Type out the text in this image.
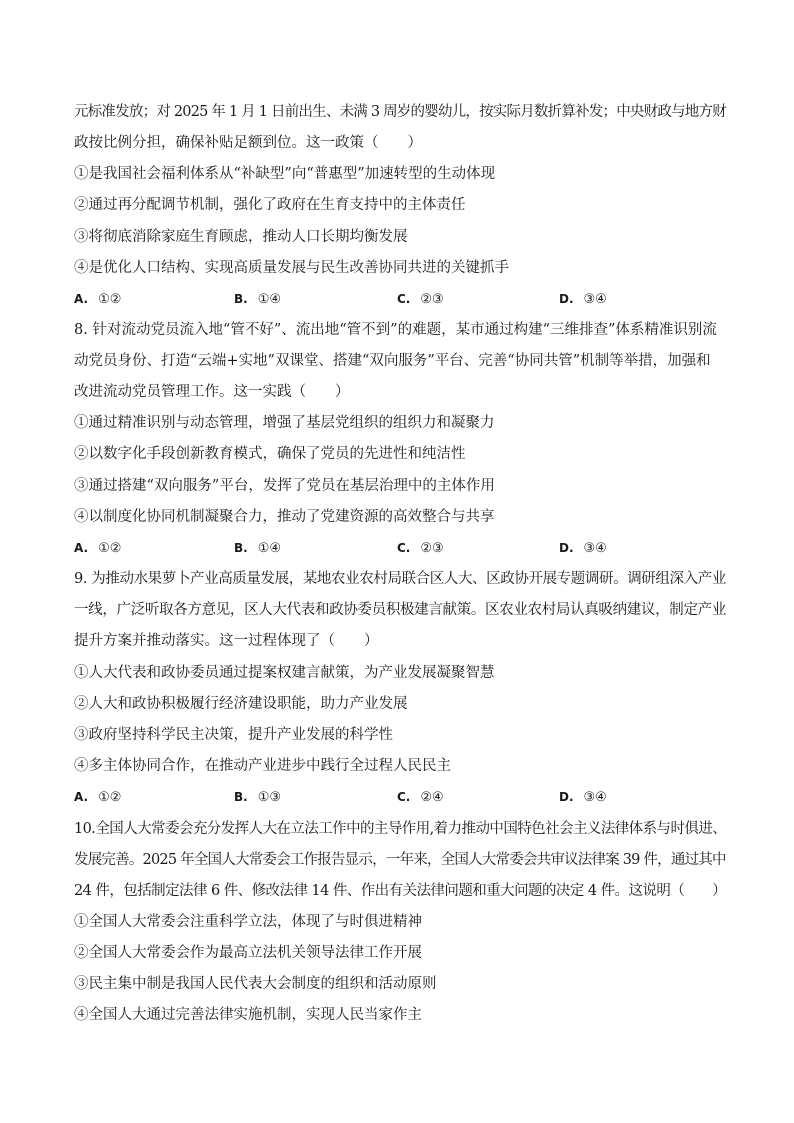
元标准发放；对 2025 年 1 月 1 日前出生、未满 3 周岁的婴幼儿，按实际月数折算补发；中央财政与地方财
政按比例分担，确保补贴足额到位。这一政策（　　）
①是我国社会福利体系从“补缺型”向“普惠型”加速转型的生动体现
②通过再分配调节机制，强化了政府在生育支持中的主体责任
③将彻底消除家庭生育顾虑，推动人口长期均衡发展
④是优化人口结构、实现高质量发展与民生改善协同共进的关键抓手
A. ①②	B. ①④	C. ②③	D. ③④
8. 针对流动党员流入地“管不好”、流出地“管不到”的难题，某市通过构建“三维排查”体系精准识别流
动党员身份、打造“云端+实地”双课堂、搭建“双向服务”平台、完善“协同共管”机制等举措，加强和
改进流动党员管理工作。这一实践（　　）
①通过精准识别与动态管理，增强了基层党组织的组织力和凝聚力
②以数字化手段创新教育模式，确保了党员的先进性和纯洁性
③通过搭建“双向服务”平台，发挥了党员在基层治理中的主体作用
④以制度化协同机制凝聚合力，推动了党建资源的高效整合与共享
A. ①②	B. ①④	C. ②③	D. ③④
9. 为推动水果萝卜产业高质量发展，某地农业农村局联合区人大、区政协开展专题调研。调研组深入产业
一线，广泛听取各方意见，区人大代表和政协委员积极建言献策。区农业农村局认真吸纳建议，制定产业
提升方案并推动落实。这一过程体现了（　　）
①人大代表和政协委员通过提案权建言献策，为产业发展凝聚智慧
②人大和政协积极履行经济建设职能，助力产业发展
③政府坚持科学民主决策，提升产业发展的科学性
④多主体协同合作，在推动产业进步中践行全过程人民民主
A. ①②	B. ①③	C. ②④	D. ③④
10.全国人大常委会充分发挥人大在立法工作中的主导作用,着力推动中国特色社会主义法律体系与时俱进、
发展完善。2025 年全国人大常委会工作报告显示，一年来，全国人大常委会共审议法律案 39 件，通过其中
24 件，包括制定法律 6 件、修改法律 14 件、作出有关法律问题和重大问题的决定 4 件。这说明（　　）
①全国人大常委会注重科学立法，体现了与时俱进精神
②全国人大常委会作为最高立法机关领导法律工作开展
③民主集中制是我国人民代表大会制度的组织和活动原则
④全国人大通过完善法律实施机制，实现人民当家作主
